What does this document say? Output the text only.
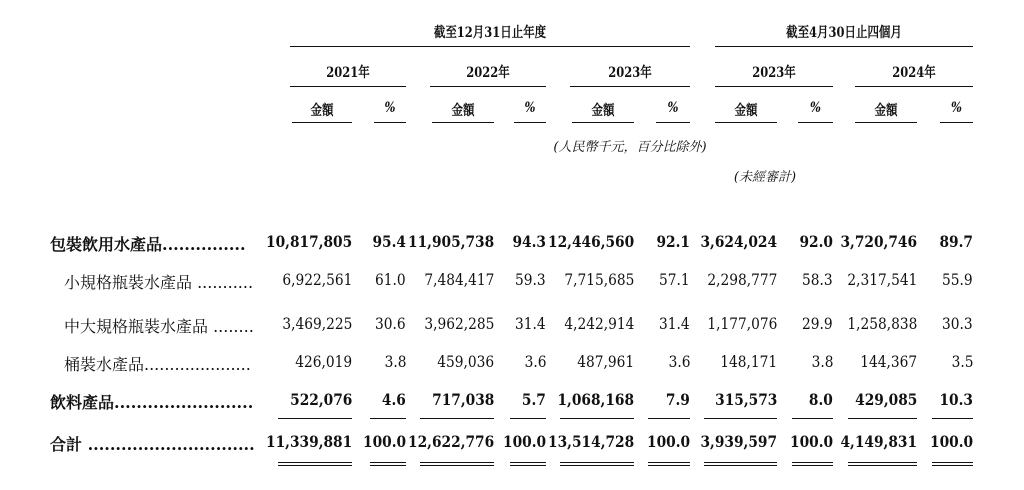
截至12月31日止年度	截至4月30日止四個月
2021年	2022年	2023年	2023年	2024年
金額	%	金額	%	金額	%	金額	%	金額	%
(人民幣千元，百分比除外)
(未經審計)
包裝飲用水產品............... 10,817,805 95.4 11,905,738 94.3 12,446,560 92.1 3,624,024 92.0 3,720,746 89.7
小規格瓶裝水產品 ........... 6,922,561 61.0 7,484,417 59.3 7,715,685 57.1 2,298,777 58.3 2,317,541 55.9
中大規格瓶裝水產品 ........ 3,469,225 30.6 3,962,285 31.4 4,242,914 31.4 1,177,076 29.9 1,258,838 30.3
桶裝水產品.....................	426,019 3.8 459,036 3.6 487,961 3.6 148,171 3.8 144,367 3.5
飲料產品......................... 522,076 4.6 717,038 5.7 1,068,168 7.9 315,573 8.0 429,085 10.3
合計 .............................. 11,339,881 100.0 12,622,776 100.0 13,514,728 100.0 3,939,597 100.0 4,149,831 100.0
